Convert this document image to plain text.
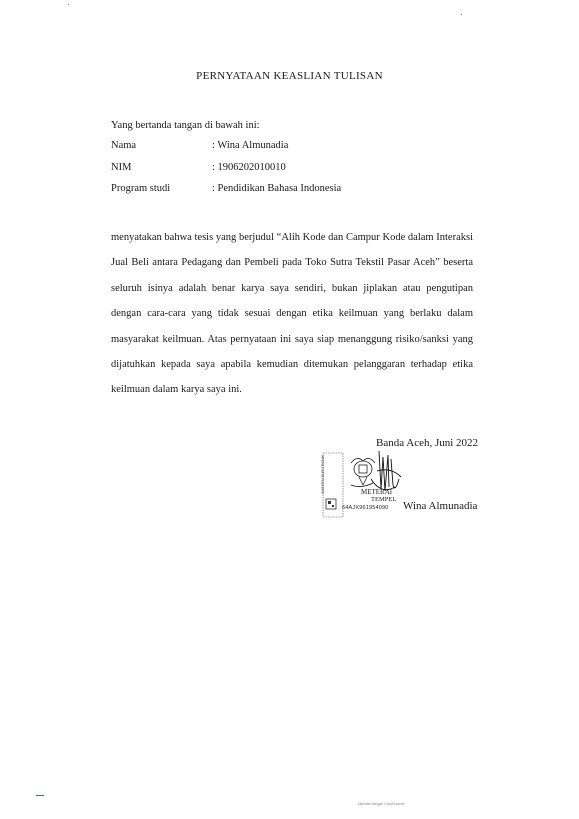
PERNYATAAN KEASLIAN TULISAN
Yang bertanda tangan di bawah ini:
Nama	: Wina Almunadia
NIM	: 1906202010010
Program studi	: Pendidikan Bahasa Indonesia
menyatakan bahwa tesis yang berjudul “Alih Kode dan Campur Kode dalam Interaksi Jual Beli antara Pedagang dan Pembeli pada Toko Sutra Tekstil Pasar Aceh” beserta seluruh isinya adalah benar karya saya sendiri, bukan jiplakan atau pengutipan dengan cara-cara yang tidak sesuai dengan etika keilmuan yang berlaku dalam masyarakat keilmuan. Atas pernyataan ini saya siap menanggung risiko/sanksi yang dijatuhkan kepada saya apabila kemudian ditemukan pelanggaran terhadap etika keilmuan dalam karya saya ini.
Banda Aceh, Juni 2022
MATERAI ELEKTRONIK	METERAI
TEMPEL
64AJX961954090 Wina Almunadia
Dipindai dengan CamScanner
